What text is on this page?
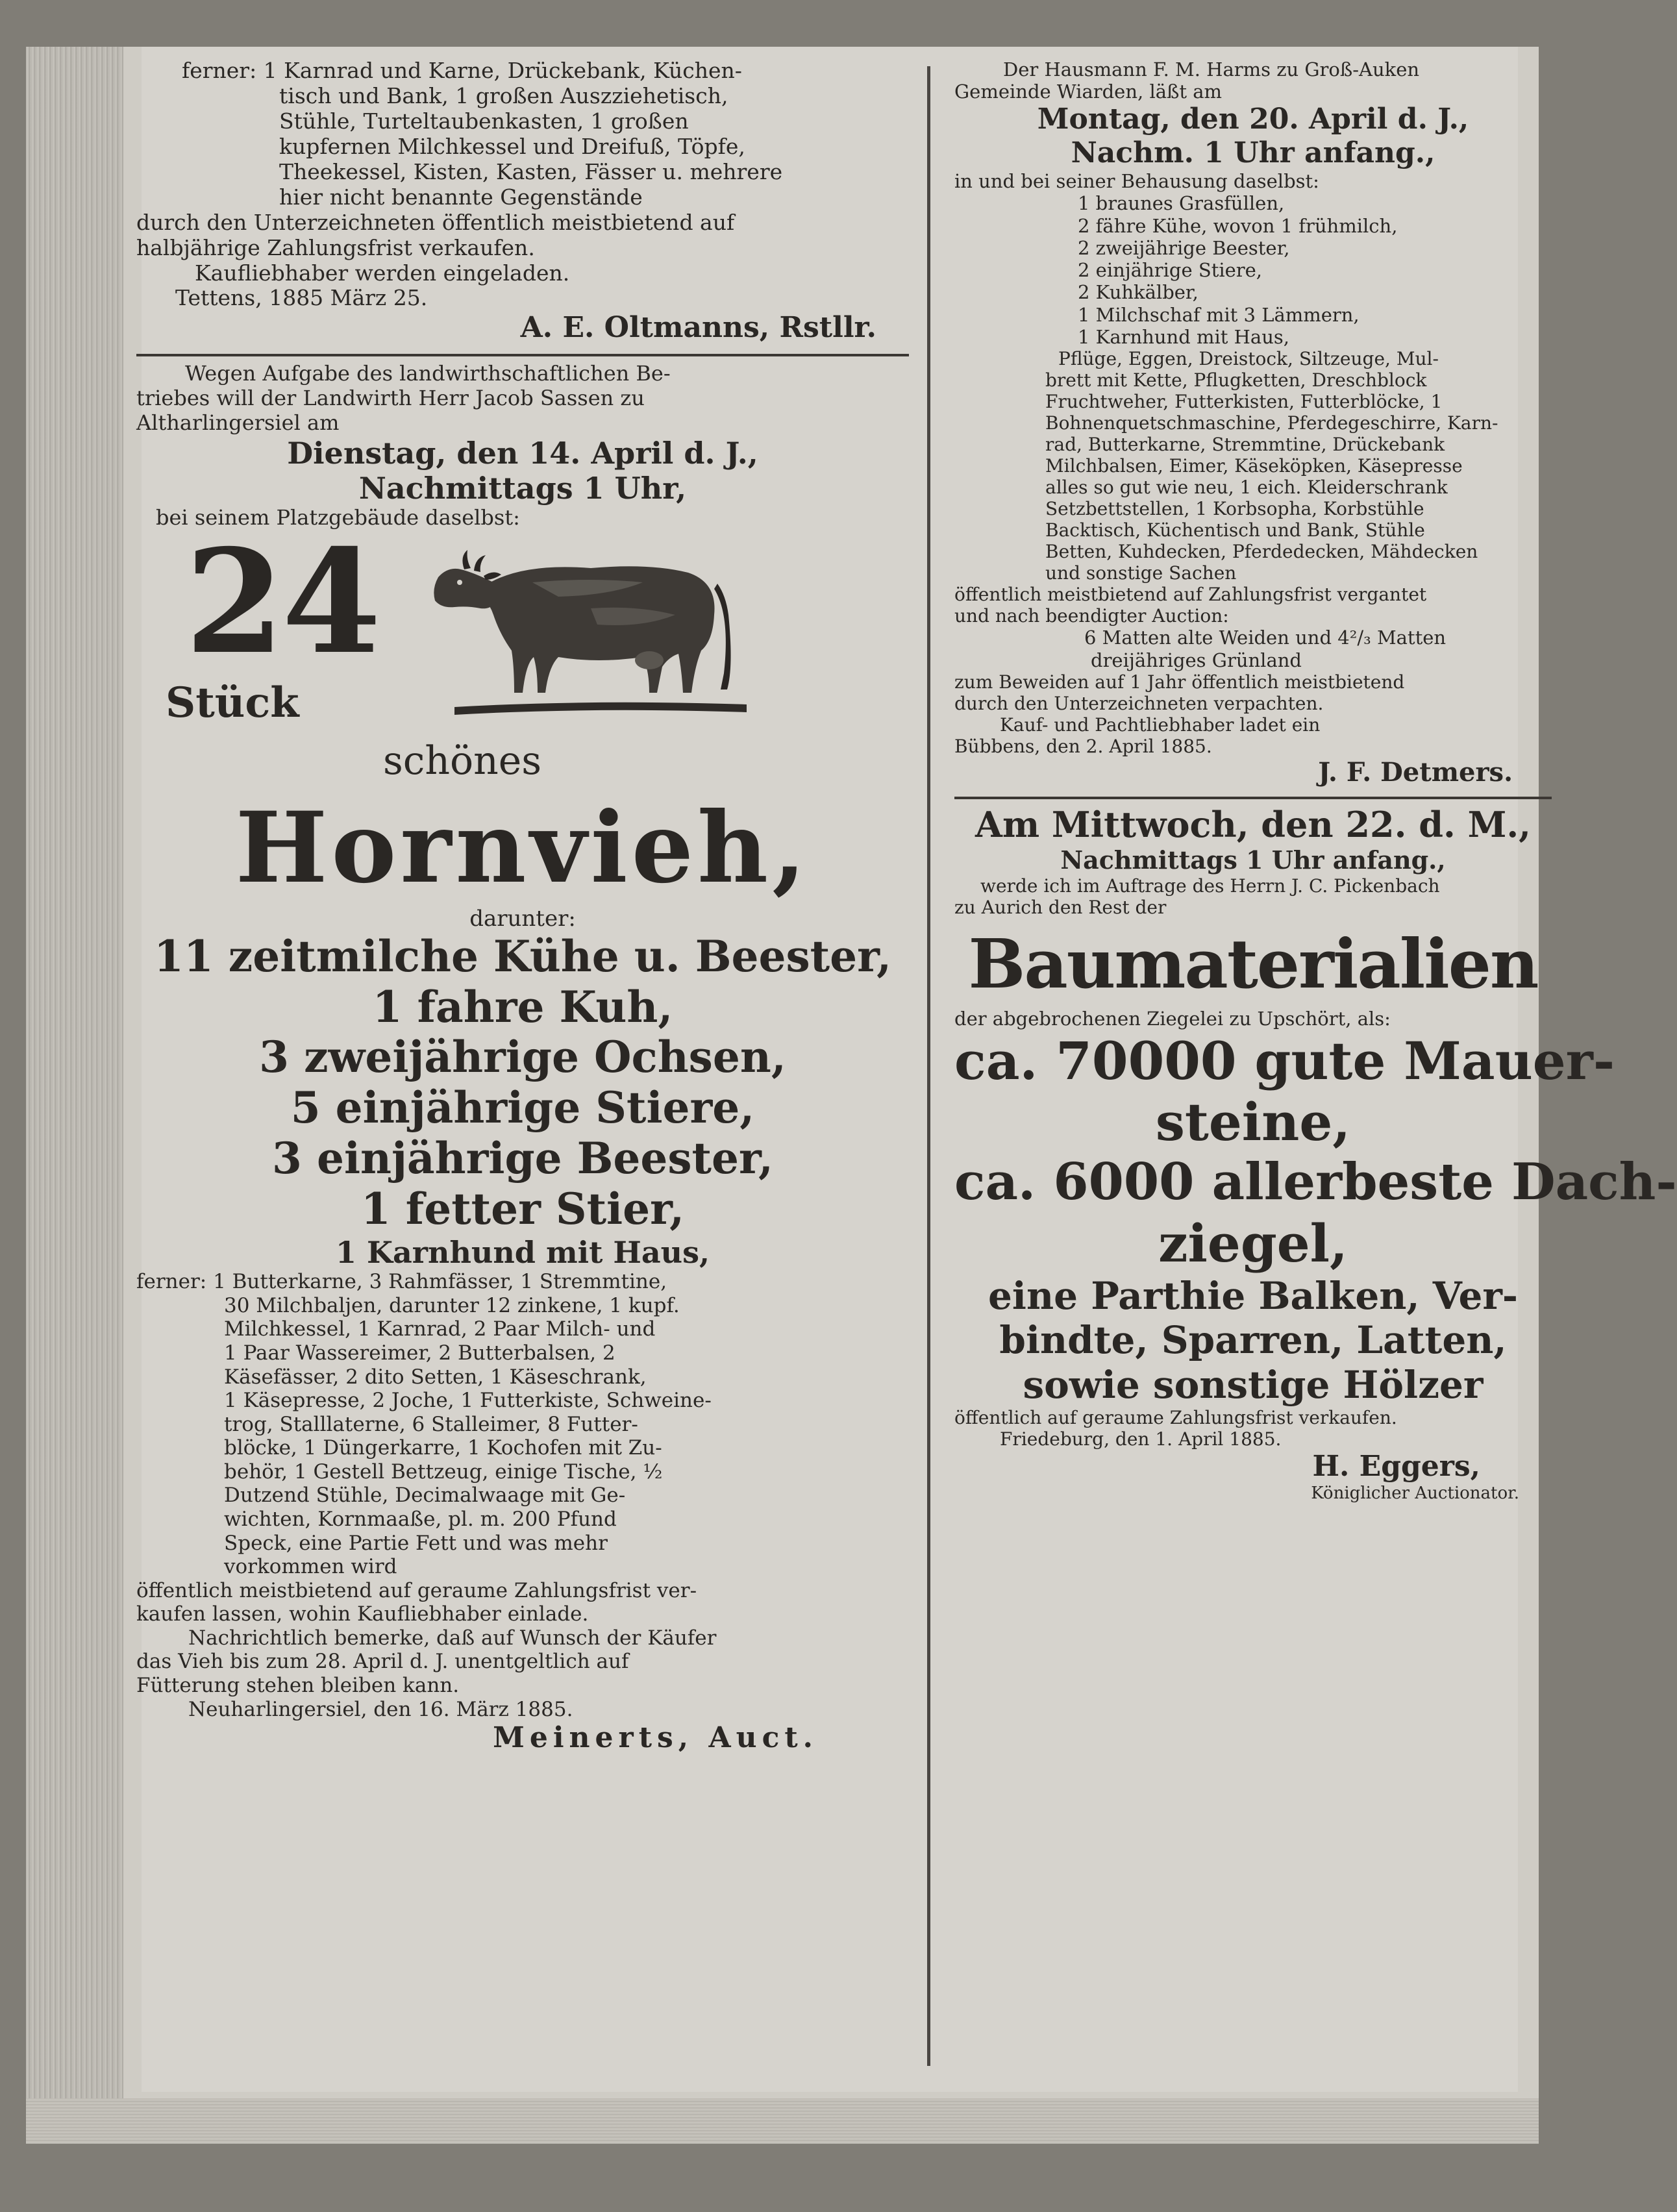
ferner: 1 Karnrad und Karne, Drückebank, Küchen-
tisch und Bank, 1 großen Auszziehetisch,
Stühle, Turteltaubenkasten, 1 großen
kupfernen Milchkessel und Dreifuß, Töpfe,
Theekessel, Kisten, Kasten, Fässer u. mehrere
hier nicht benannte Gegenstände
durch den Unterzeichneten öffentlich meistbietend auf
halbjährige Zahlungsfrist verkaufen.
Kaufliebhaber werden eingeladen.
Tettens, 1885 März 25.
A. E. Oltmanns, Rstllr.
Wegen Aufgabe des landwirthschaftlichen Be-
triebes will der Landwirth Herr Jacob Sassen zu
Altharlingersiel am
Dienstag, den 14. April d. J.,
Nachmittags 1 Uhr,
bei seinem Platzgebäude daselbst:
24
Stück
schönes
Hornvieh,
darunter:
11 zeitmilche Kühe u. Beester,
1 fahre Kuh,
3 zweijährige Ochsen,
5 einjährige Stiere,
3 einjährige Beester,
1 fetter Stier,
1 Karnhund mit Haus,
ferner: 1 Butterkarne, 3 Rahmfässer, 1 Stremmtine,
30 Milchbaljen, darunter 12 zinkene, 1 kupf.
Milchkessel, 1 Karnrad, 2 Paar Milch- und
1 Paar Wassereimer, 2 Butterbalsen, 2
Käsefässer, 2 dito Setten, 1 Käseschrank,
1 Käsepresse, 2 Joche, 1 Futterkiste, Schweine-
trog, Stalllaterne, 6 Stalleimer, 8 Futter-
blöcke, 1 Düngerkarre, 1 Kochofen mit Zu-
behör, 1 Gestell Bettzeug, einige Tische, ½
Dutzend Stühle, Decimalwaage mit Ge-
wichten, Kornmaaße, pl. m. 200 Pfund
Speck, eine Partie Fett und was mehr
vorkommen wird
öffentlich meistbietend auf geraume Zahlungsfrist ver-
kaufen lassen, wohin Kaufliebhaber einlade.
Nachrichtlich bemerke, daß auf Wunsch der Käufer
das Vieh bis zum 28. April d. J. unentgeltlich auf
Fütterung stehen bleiben kann.
Neuharlingersiel, den 16. März 1885.
Meinerts, Auct.
Der Hausmann F. M. Harms zu Groß-Auken
Gemeinde Wiarden, läßt am
Montag, den 20. April d. J.,
Nachm. 1 Uhr anfang.,
in und bei seiner Behausung daselbst:
1 braunes Grasfüllen,
2 fähre Kühe, wovon 1 frühmilch,
2 zweijährige Beester,
2 einjährige Stiere,
2 Kuhkälber,
1 Milchschaf mit 3 Lämmern,
1 Karnhund mit Haus,
Pflüge, Eggen, Dreistock, Siltzeuge, Mul-
brett mit Kette, Pflugketten, Dreschblock
Fruchtweher, Futterkisten, Futterblöcke, 1
Bohnenquetschmaschine, Pferdegeschirre, Karn-
rad, Butterkarne, Stremmtine, Drückebank
Milchbalsen, Eimer, Käseköpken, Käsepresse
alles so gut wie neu, 1 eich. Kleiderschrank
Setzbettstellen, 1 Korbsopha, Korbstühle
Backtisch, Küchentisch und Bank, Stühle
Betten, Kuhdecken, Pferdedecken, Mähdecken
und sonstige Sachen
öffentlich meistbietend auf Zahlungsfrist vergantet
und nach beendigter Auction:
6 Matten alte Weiden und 4²/₃ Matten
dreijähriges Grünland
zum Beweiden auf 1 Jahr öffentlich meistbietend
durch den Unterzeichneten verpachten.
Kauf- und Pachtliebhaber ladet ein
Bübbens, den 2. April 1885.
J. F. Detmers.
Am Mittwoch, den 22. d. M.,
Nachmittags 1 Uhr anfang.,
werde ich im Auftrage des Herrn J. C. Pickenbach
zu Aurich den Rest der
Baumaterialien
der abgebrochenen Ziegelei zu Upschört, als:
ca. 70000 gute Mauer-
steine,
ca. 6000 allerbeste Dach-
ziegel,
eine Parthie Balken, Ver-
bindte, Sparren, Latten,
sowie sonstige Hölzer
öffentlich auf geraume Zahlungsfrist verkaufen.
Friedeburg, den 1. April 1885.
H. Eggers,
Königlicher Auctionator.
